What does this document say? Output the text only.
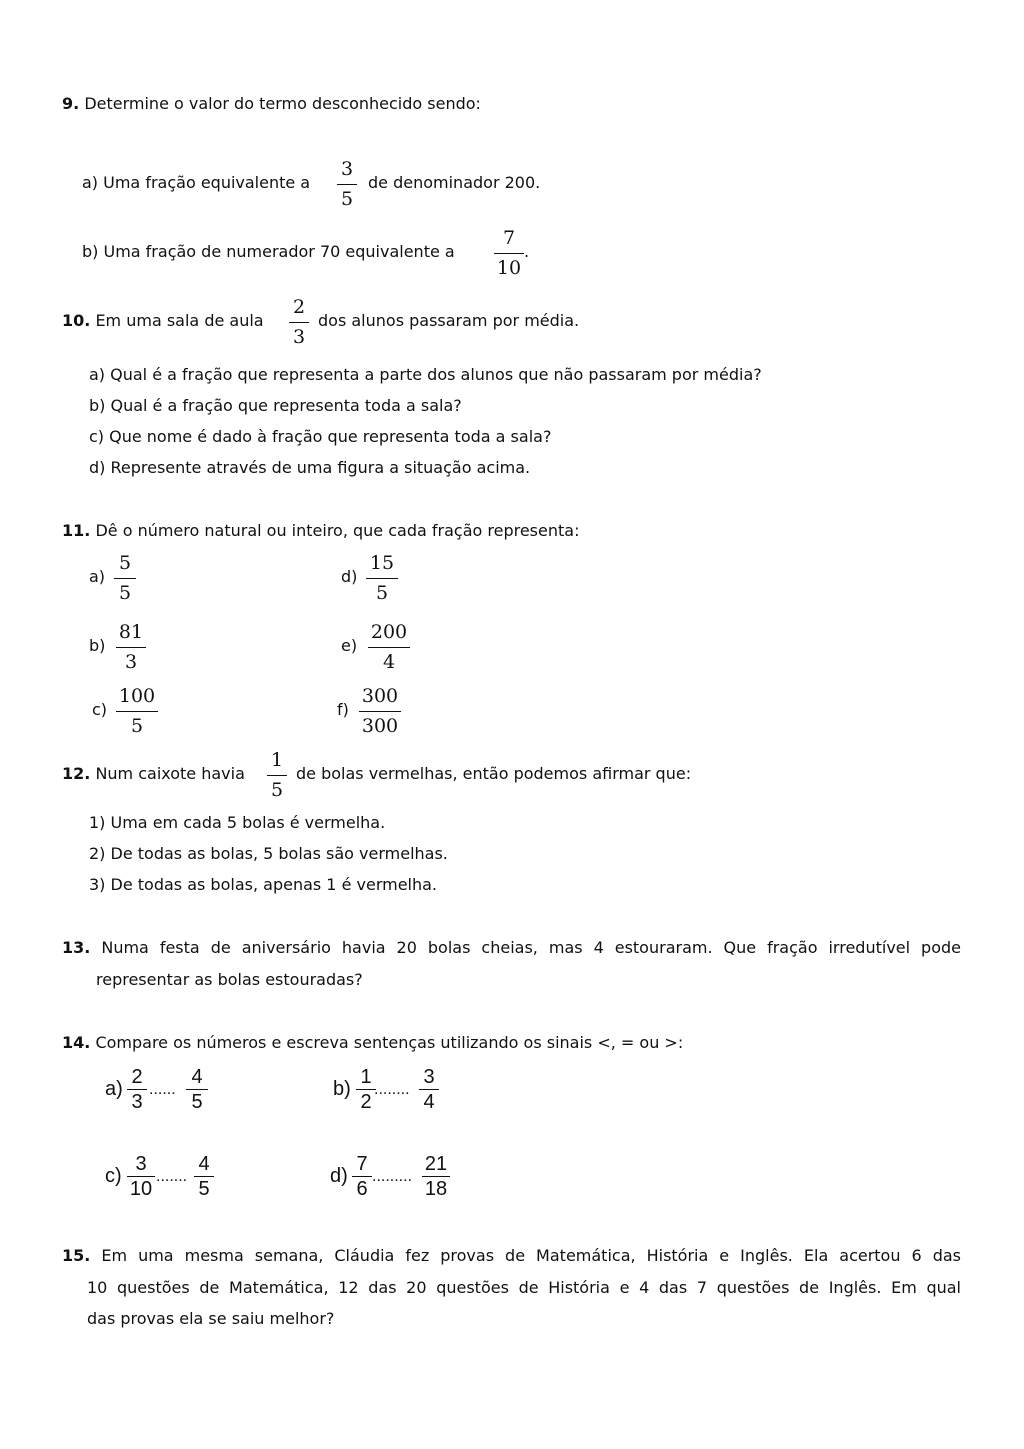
9. Determine o valor do termo desconhecido sendo:
a) Uma fração equivalente a
3
5
de denominador 200.
b) Uma fração de numerador 70 equivalente a
7
10
.
10. Em uma sala de aula
2
3
dos alunos passaram por média.
a) Qual é a fração que representa a parte dos alunos que não passaram por média?
b) Qual é a fração que representa toda a sala?
c) Que nome é dado à fração que representa toda a sala?
d) Represente através de uma figura a situação acima.
11. Dê o número natural ou inteiro, que cada fração representa:
a)
5
5
d)
15
5
b)
81
3
e)
200
4
c)
100
5
f)
300
300
12. Num caixote havia
1
5
de bolas vermelhas, então podemos afirmar que:
1) Uma em cada 5 bolas é vermelha.
2) De todas as bolas, 5 bolas são vermelhas.
3) De todas as bolas, apenas 1 é vermelha.
13. Numa festa de aniversário havia 20 bolas cheias, mas 4 estouraram. Que fração irredutível pode
representar as bolas estouradas?
14. Compare os números e escreva sentenças utilizando os sinais <, = ou >:
a)
2
3
......
4
5
b)
1
2
........
3
4
c)
3
10
.......
4
5
d)
7
6
.........
21
18
15. Em uma mesma semana, Cláudia fez provas de Matemática, História e Inglês. Ela acertou 6 das
10 questões de Matemática, 12 das 20 questões de História e 4 das 7 questões de Inglês. Em qual
das provas ela se saiu melhor?
